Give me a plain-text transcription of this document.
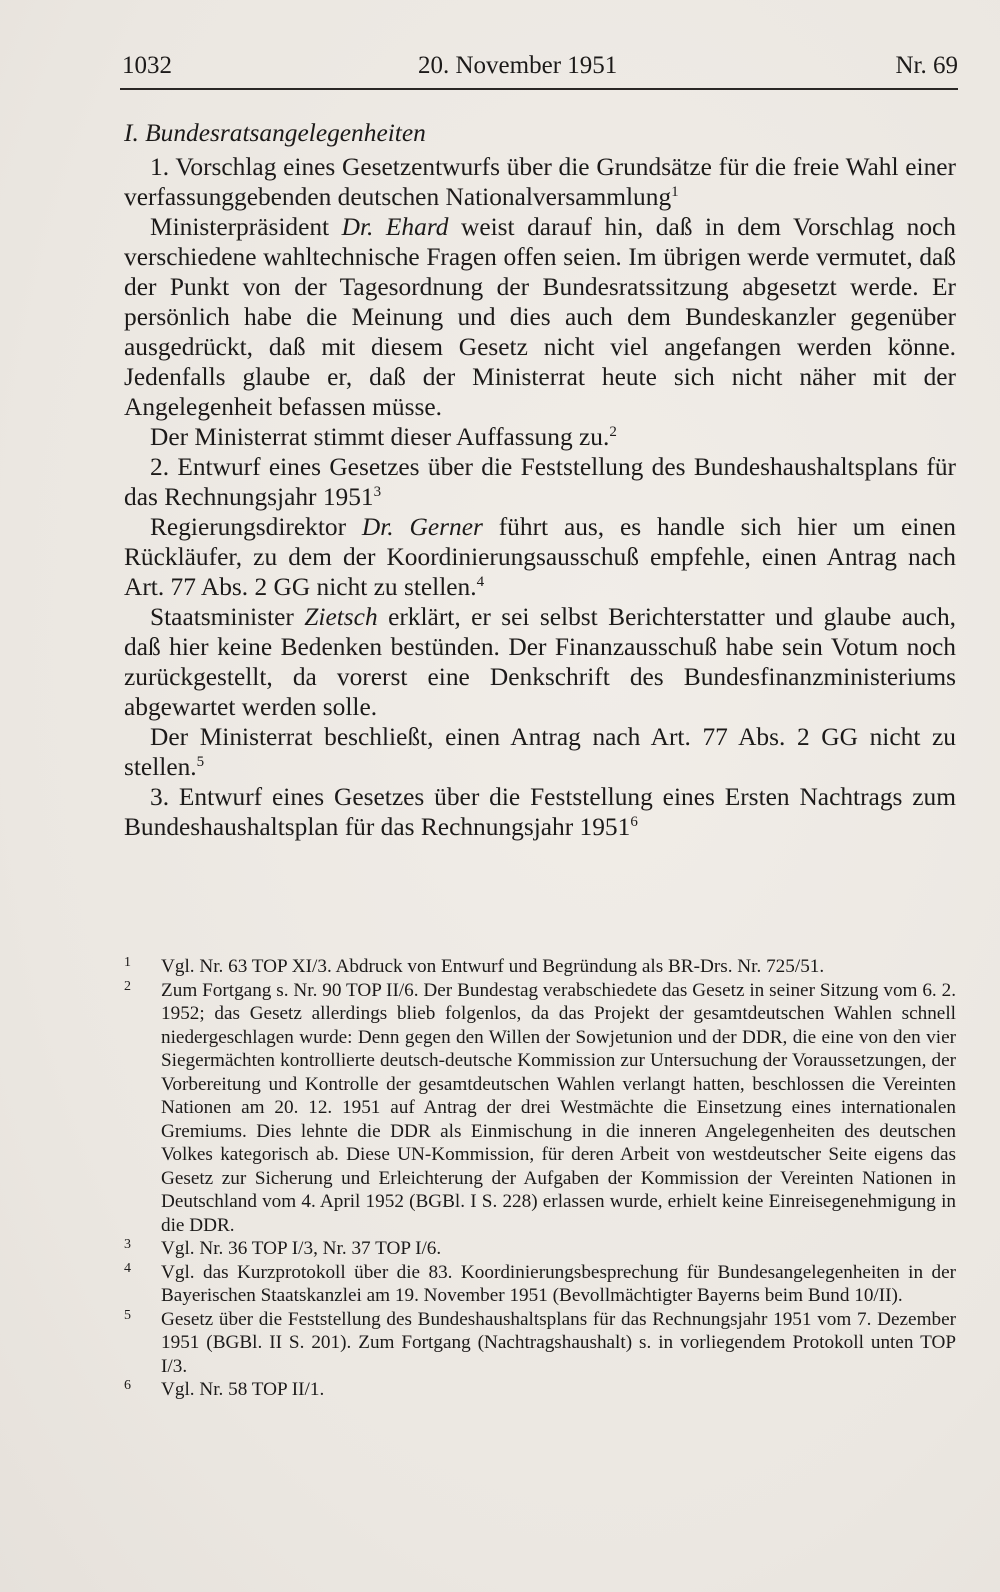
1032	20. November 1951	Nr. 69

I. Bundesratsangelegenheiten

1. Vorschlag eines Gesetzentwurfs über die Grundsätze für die freie Wahl einer verfassunggebenden deutschen Nationalversammlung$^1$

Ministerpräsident Dr. Ehard weist darauf hin, daß in dem Vorschlag noch verschiedene wahltechnische Fragen offen seien. Im übrigen werde vermutet, daß der Punkt von der Tagesordnung der Bundesratssitzung abgesetzt werde. Er persönlich habe die Meinung und dies auch dem Bundeskanzler gegenüber ausgedrückt, daß mit diesem Gesetz nicht viel angefangen werden könne. Jedenfalls glaube er, daß der Ministerrat heute sich nicht näher mit der Angelegenheit befassen müsse.

Der Ministerrat stimmt dieser Auffassung zu.$^2$

2. Entwurf eines Gesetzes über die Feststellung des Bundeshaushaltsplans für das Rechnungsjahr 1951$^3$

Regierungsdirektor Dr. Gerner führt aus, es handle sich hier um einen Rückläufer, zu dem der Koordinierungsausschuß empfehle, einen Antrag nach Art. 77 Abs. 2 GG nicht zu stellen.$^4$

Staatsminister Zietsch erklärt, er sei selbst Berichterstatter und glaube auch, daß hier keine Bedenken bestünden. Der Finanzausschuß habe sein Votum noch zurückgestellt, da vorerst eine Denkschrift des Bundesfinanzministeriums abgewartet werden solle.

Der Ministerrat beschließt, einen Antrag nach Art. 77 Abs. 2 GG nicht zu stellen.$^5$

3. Entwurf eines Gesetzes über die Feststellung eines Ersten Nachtrags zum Bundeshaushaltsplan für das Rechnungsjahr 1951$^6$

1 Vgl. Nr. 63 TOP XI/3. Abdruck von Entwurf und Begründung als BR-Drs. Nr. 725/51.

2 Zum Fortgang s. Nr. 90 TOP II/6. Der Bundestag verabschiedete das Gesetz in seiner Sitzung vom 6. 2. 1952; das Gesetz allerdings blieb folgenlos, da das Projekt der gesamtdeutschen Wahlen schnell niedergeschlagen wurde: Denn gegen den Willen der Sowjetunion und der DDR, die eine von den vier Siegermächten kontrollierte deutsch-deutsche Kommission zur Untersuchung der Voraussetzungen, der Vorbereitung und Kontrolle der gesamtdeutschen Wahlen verlangt hatten, beschlossen die Vereinten Nationen am 20. 12. 1951 auf Antrag der drei Westmächte die Einsetzung eines internationalen Gremiums. Dies lehnte die DDR als Einmischung in die inneren Angelegenheiten des deutschen Volkes kategorisch ab. Diese UN-Kommission, für deren Arbeit von westdeutscher Seite eigens das Gesetz zur Sicherung und Erleichterung der Aufgaben der Kommission der Vereinten Nationen in Deutschland vom 4. April 1952 (BGBl. I S. 228) erlassen wurde, erhielt keine Einreisegenehmigung in die DDR.

3 Vgl. Nr. 36 TOP I/3, Nr. 37 TOP I/6.

4 Vgl. das Kurzprotokoll über die 83. Koordinierungsbesprechung für Bundesangelegenheiten in der Bayerischen Staatskanzlei am 19. November 1951 (Bevollmächtigter Bayerns beim Bund 10/II).

5 Gesetz über die Feststellung des Bundeshaushaltsplans für das Rechnungsjahr 1951 vom 7. Dezember 1951 (BGBl. II S. 201). Zum Fortgang (Nachtragshaushalt) s. in vorliegendem Protokoll unten TOP I/3.

6 Vgl. Nr. 58 TOP II/1.
